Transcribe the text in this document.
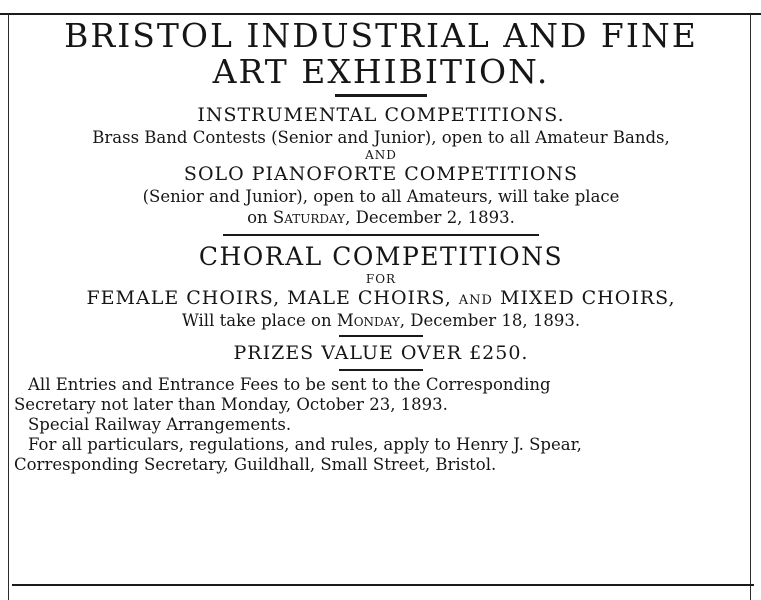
BRISTOL INDUSTRIAL AND FINE
ART EXHIBITION.
INSTRUMENTAL COMPETITIONS.
Brass Band Contests (Senior and Junior), open to all Amateur Bands,
AND
SOLO PIANOFORTE COMPETITIONS
(Senior and Junior), open to all Amateurs, will take place
on Saturday, December 2, 1893.
CHORAL COMPETITIONS
FOR
FEMALE CHOIRS, MALE CHOIRS, and MIXED CHOIRS,
Will take place on Monday, December 18, 1893.
PRIZES VALUE OVER £250.
All Entries and Entrance Fees to be sent to the Corresponding
Secretary not later than Monday, October 23, 1893.
Special Railway Arrangements.
For all particulars, regulations, and rules, apply to Henry J. Spear,
Corresponding Secretary, Guildhall, Small Street, Bristol.
